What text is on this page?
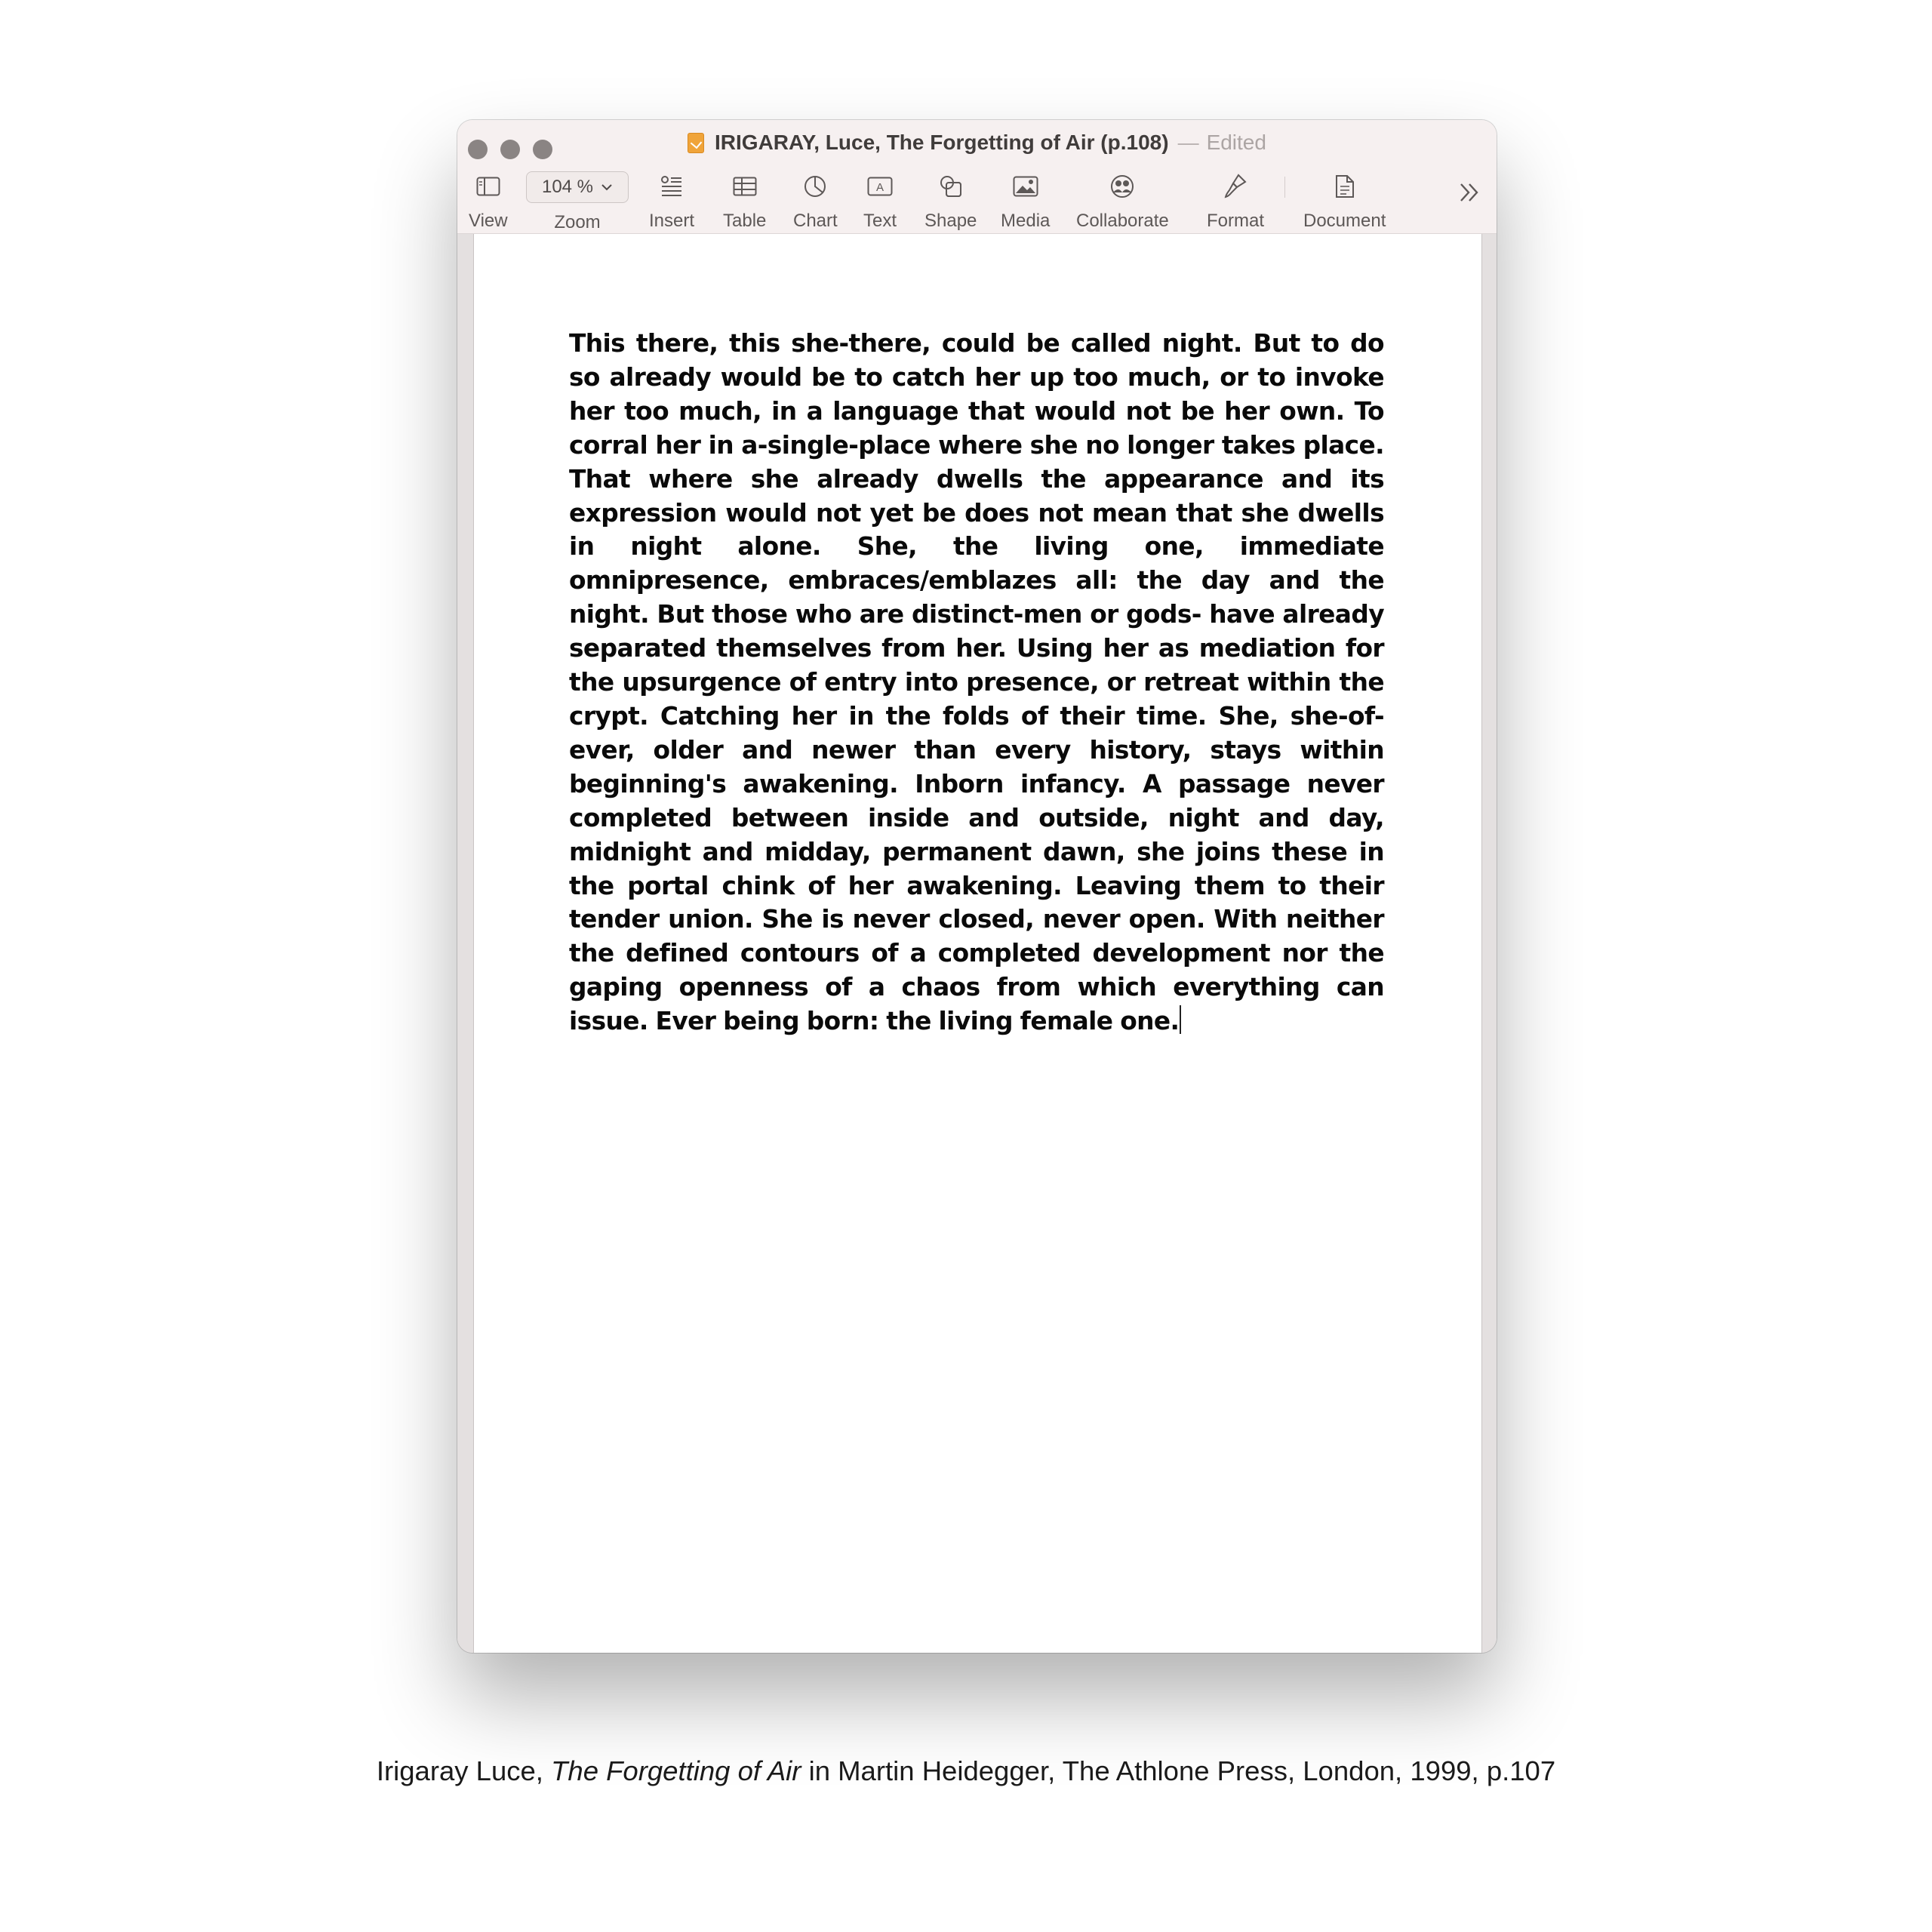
IRIGARAY, Luce, The Forgetting of Air (p.108) — Edited
View
104 %
Zoom	Insert Table Chart
A
Text Shape Media Collaborate Format Document
This there, this she-there, could be called night. But to do so already would be to catch her up too much, or to invoke her too much, in a language that would not be her own. To corral her in a-single-place where she no longer takes place. That where she already dwells the appearance and its expression would not yet be does not mean that she dwells in night alone. She, the living one, immediate omnipresence, embraces/emblazes all: the day and the night. But those who are distinct-men or gods- have already separated themselves from her. Using her as mediation for the upsurgence of entry into presence, or retreat within the crypt. Catching her in the folds of their time. She, she-of-ever, older and newer than every history, stays within beginning's awakening. Inborn infancy. A passage never completed between inside and outside, night and day, midnight and midday, permanent dawn, she joins these in the portal chink of her awakening. Leaving them to their tender union. She is never closed, never open. With neither the defined contours of a completed development nor the gaping openness of a chaos from which everything can issue. Ever being born: the living female one.
Irigaray Luce, The Forgetting of Air in Martin Heidegger, The Athlone Press, London, 1999, p.107
